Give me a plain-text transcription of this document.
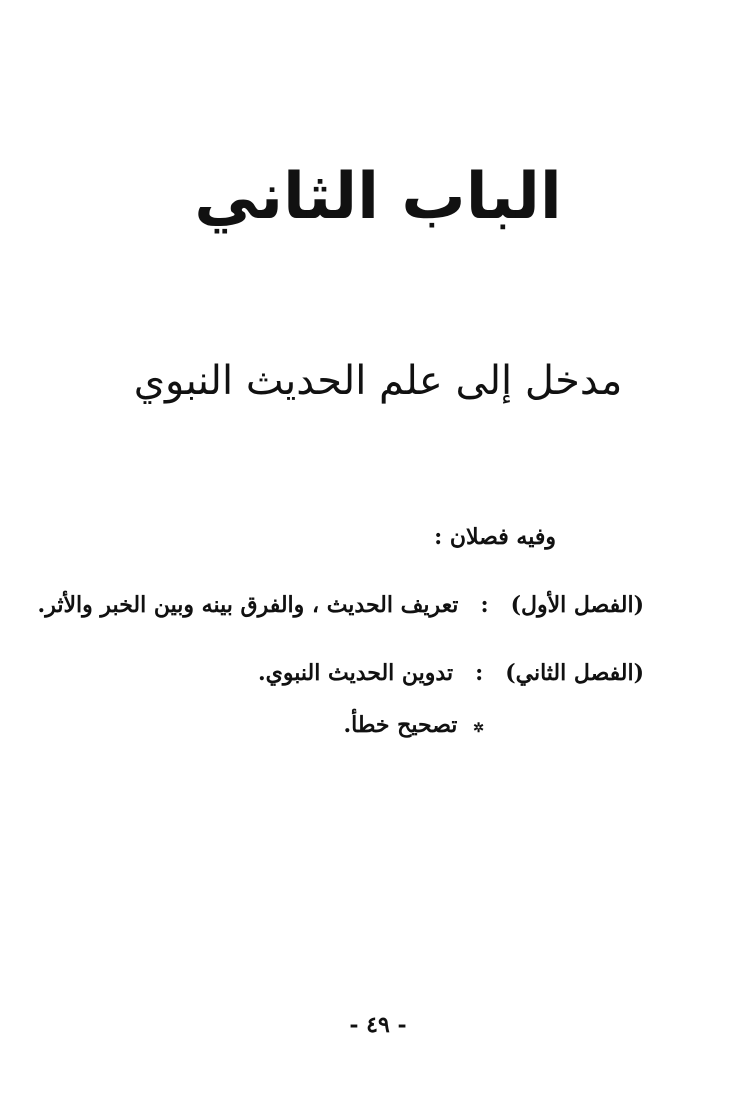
الباب الثاني
مدخل إلى علم الحديث النبوي
وفيه فصلان :
(الفصل الأول)
:
تعريف الحديث ، والفرق بينه وبين الخبر والأثر.
(الفصل الثاني)
:
تدوين الحديث النبوي.
✲ تصحيح خطأ.
- ٤٩ -
